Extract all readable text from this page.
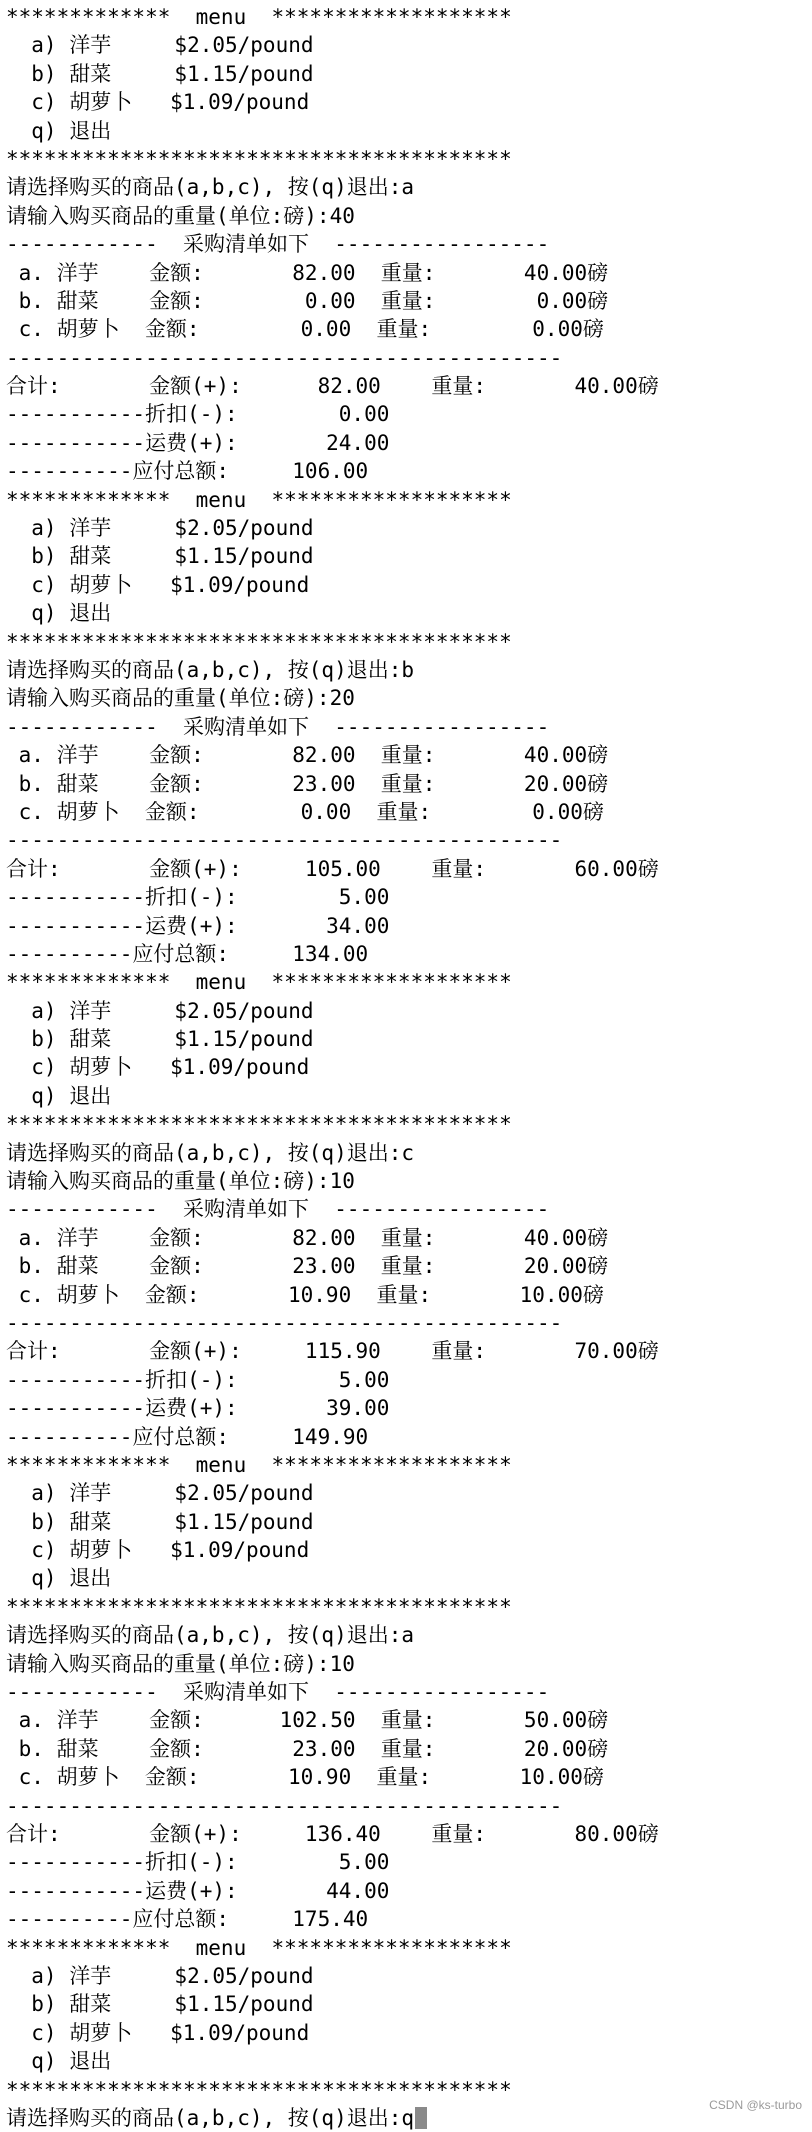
*************  menu  *******************
a) 洋芋     $2.05/pound
b) 甜菜     $1.15/pound
c) 胡萝卜   $1.09/pound
q) 退出
****************************************
请选择购买的商品(a,b,c), 按(q)退出:a
请输入购买商品的重量(单位:磅):40
------------  采购清单如下  -----------------
a. 洋芋    金额:       82.00  重量:       40.00磅
b. 甜菜    金额:        0.00  重量:        0.00磅
c. 胡萝卜  金额:        0.00  重量:        0.00磅
--------------------------------------------
合计:       金额(+):      82.00    重量:       40.00磅
-----------折扣(-):        0.00
-----------运费(+):       24.00
----------应付总额:     106.00
*************  menu  *******************
a) 洋芋     $2.05/pound
b) 甜菜     $1.15/pound
c) 胡萝卜   $1.09/pound
q) 退出
****************************************
请选择购买的商品(a,b,c), 按(q)退出:b
请输入购买商品的重量(单位:磅):20
------------  采购清单如下  -----------------
a. 洋芋    金额:       82.00  重量:       40.00磅
b. 甜菜    金额:       23.00  重量:       20.00磅
c. 胡萝卜  金额:        0.00  重量:        0.00磅
--------------------------------------------
合计:       金额(+):     105.00    重量:       60.00磅
-----------折扣(-):        5.00
-----------运费(+):       34.00
----------应付总额:     134.00
*************  menu  *******************
a) 洋芋     $2.05/pound
b) 甜菜     $1.15/pound
c) 胡萝卜   $1.09/pound
q) 退出
****************************************
请选择购买的商品(a,b,c), 按(q)退出:c
请输入购买商品的重量(单位:磅):10
------------  采购清单如下  -----------------
a. 洋芋    金额:       82.00  重量:       40.00磅
b. 甜菜    金额:       23.00  重量:       20.00磅
c. 胡萝卜  金额:       10.90  重量:       10.00磅
--------------------------------------------
合计:       金额(+):     115.90    重量:       70.00磅
-----------折扣(-):        5.00
-----------运费(+):       39.00
----------应付总额:     149.90
*************  menu  *******************
a) 洋芋     $2.05/pound
b) 甜菜     $1.15/pound
c) 胡萝卜   $1.09/pound
q) 退出
****************************************
请选择购买的商品(a,b,c), 按(q)退出:a
请输入购买商品的重量(单位:磅):10
------------  采购清单如下  -----------------
a. 洋芋    金额:      102.50  重量:       50.00磅
b. 甜菜    金额:       23.00  重量:       20.00磅
c. 胡萝卜  金额:       10.90  重量:       10.00磅
--------------------------------------------
合计:       金额(+):     136.40    重量:       80.00磅
-----------折扣(-):        5.00
-----------运费(+):       44.00
----------应付总额:     175.40
*************  menu  *******************
a) 洋芋     $2.05/pound
b) 甜菜     $1.15/pound
c) 胡萝卜   $1.09/pound
q) 退出
****************************************
请选择购买的商品(a,b,c), 按(q)退出:q
CSDN @ks-turbo
